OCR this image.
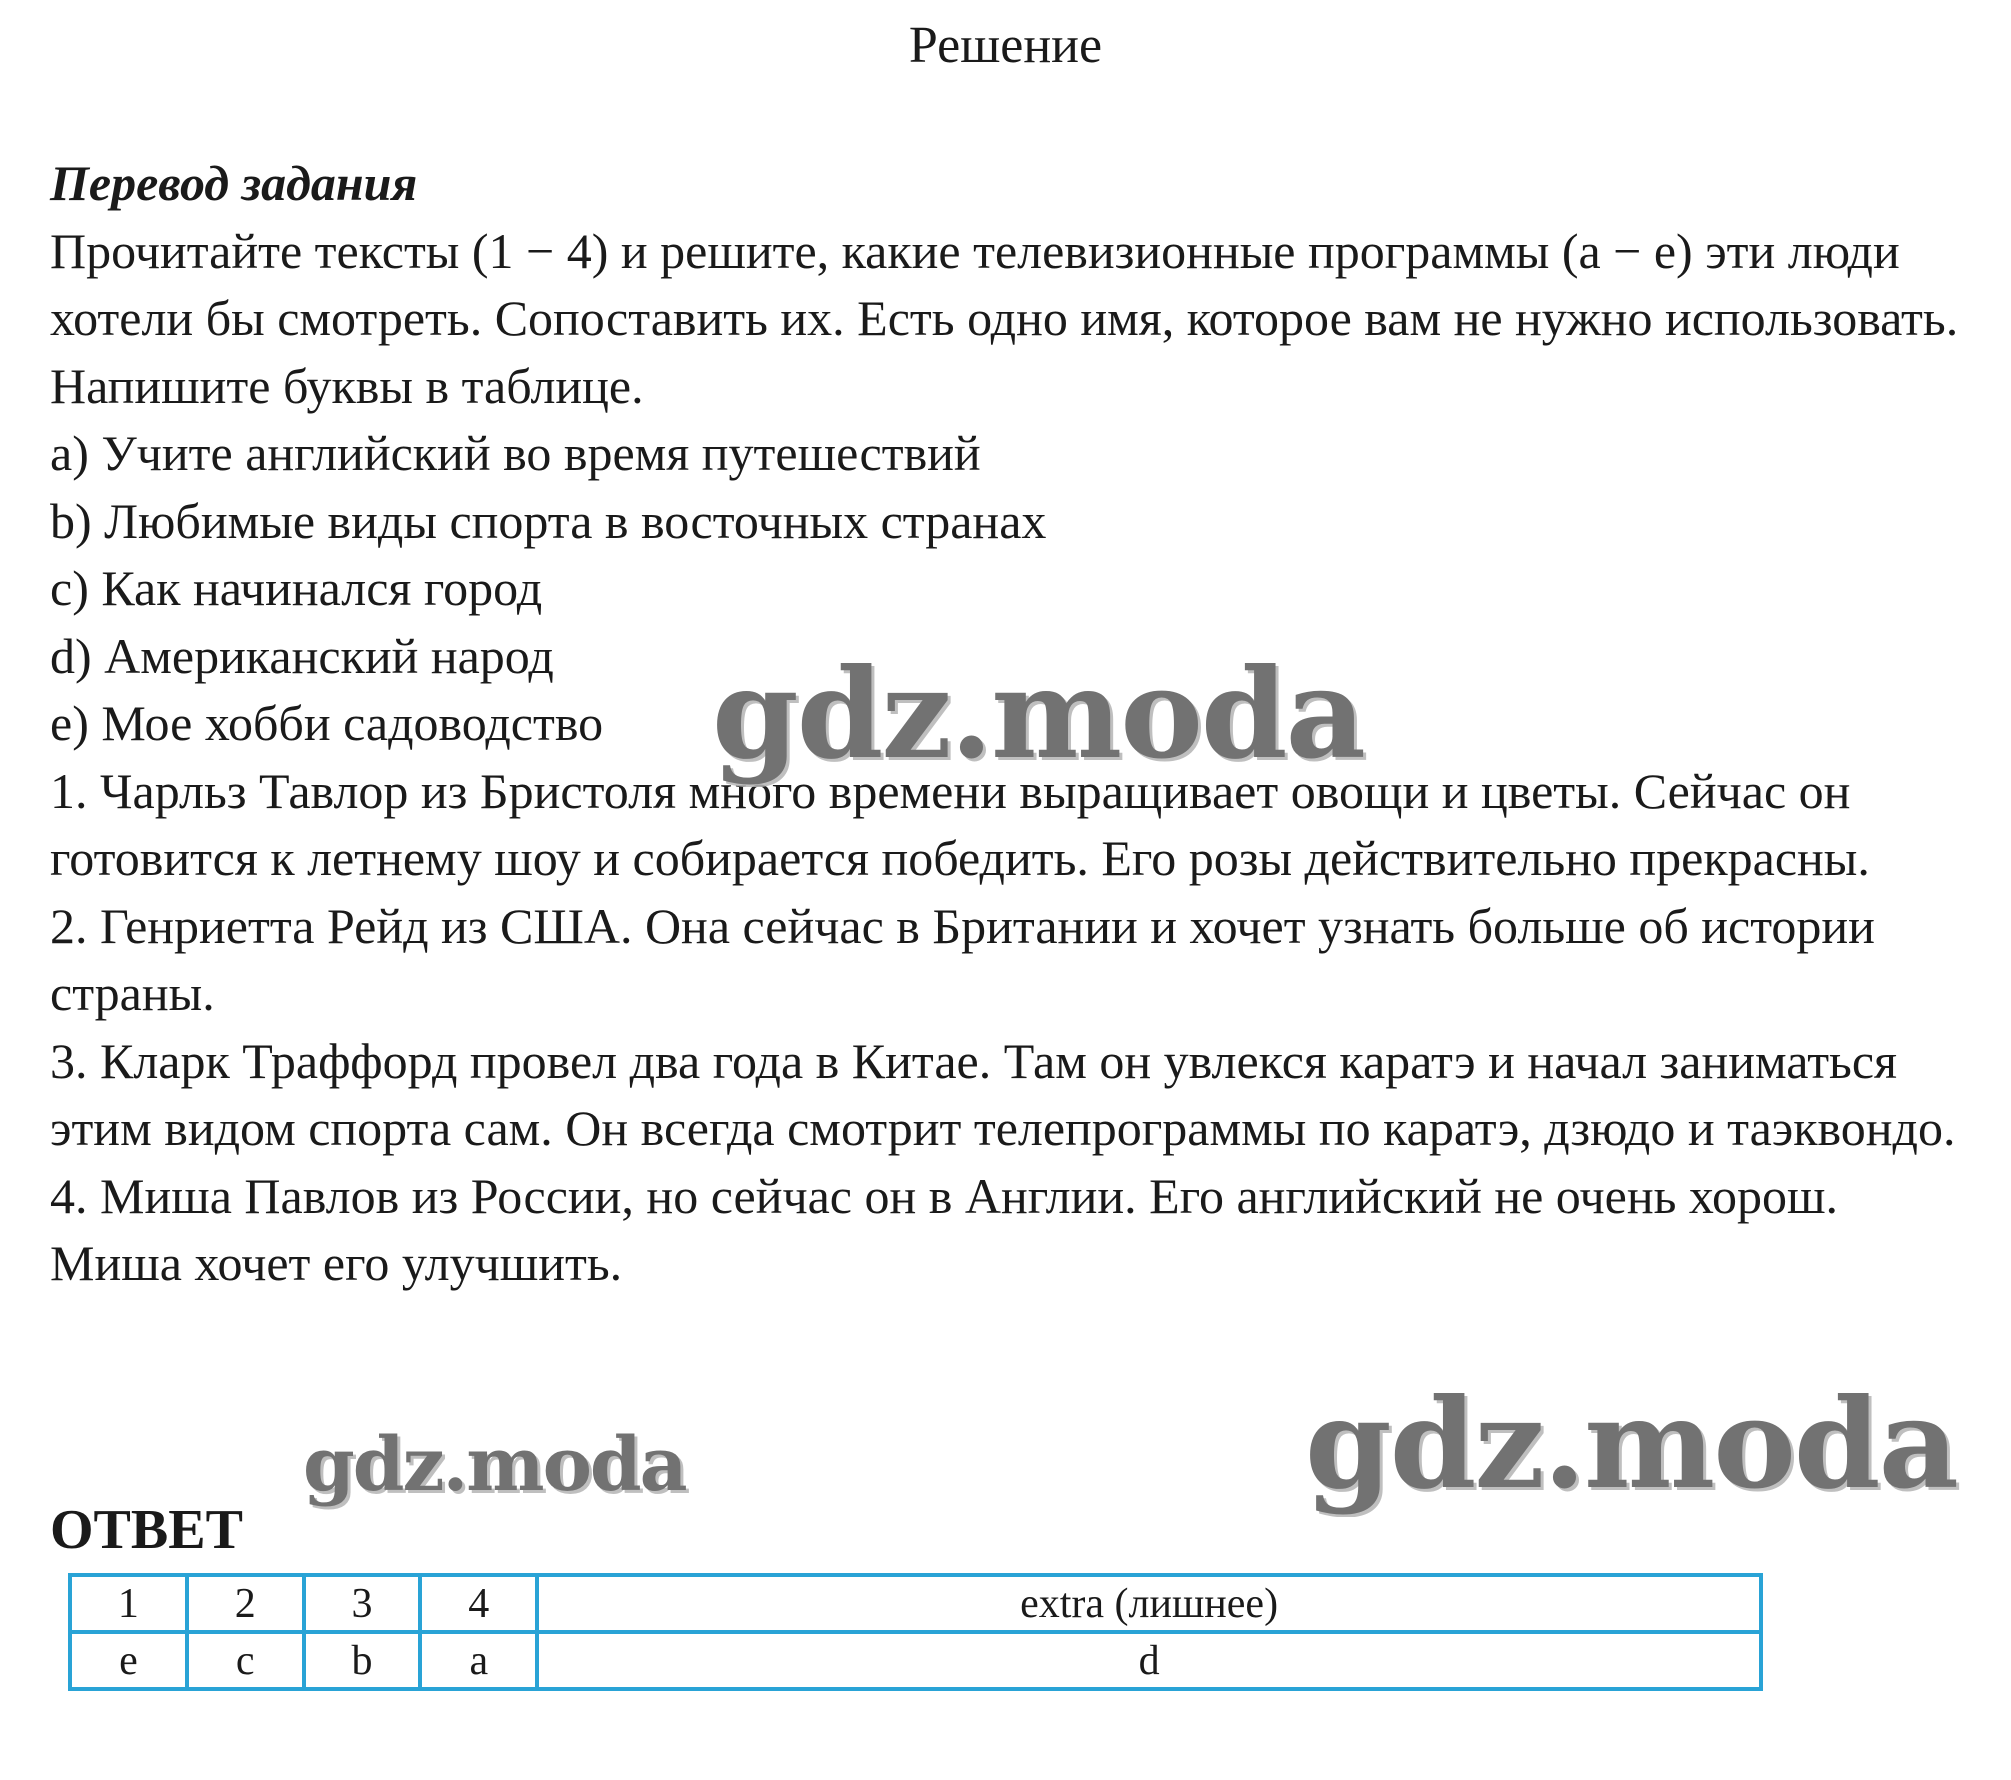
Решение
Перевод задания
Прочитайте тексты (1 − 4) и решите, какие телевизионные программы (а − е) эти люди хотели бы смотреть. Сопоставить их. Есть одно имя, которое вам не нужно использовать. Напишите буквы в таблице.
а) Учите английский во время путешествий
b) Любимые виды спорта в восточных странах
с) Как начинался город
d) Американский народ
е) Мое хобби садоводство
1. Чарльз Тавлор из Бристоля много времени выращивает овощи и цветы. Сейчас он готовится к летнему шоу и собирается победить. Его розы действительно прекрасны.
2. Генриетта Рейд из США. Она сейчас в Британии и хочет узнать больше об истории страны.
3. Кларк Траффорд провел два года в Китае. Там он увлекся каратэ и начал заниматься этим видом спорта сам. Он всегда смотрит телепрограммы по каратэ, дзюдо и таэквондо.
4. Миша Павлов из России, но сейчас он в Англии. Его английский не очень хорош. Миша хочет его улучшить.
ОТВЕТ
1	2	3	4	extra (лишнее)
e	c	b	a	d
gdz.moda
gdz.moda	gdz.moda
